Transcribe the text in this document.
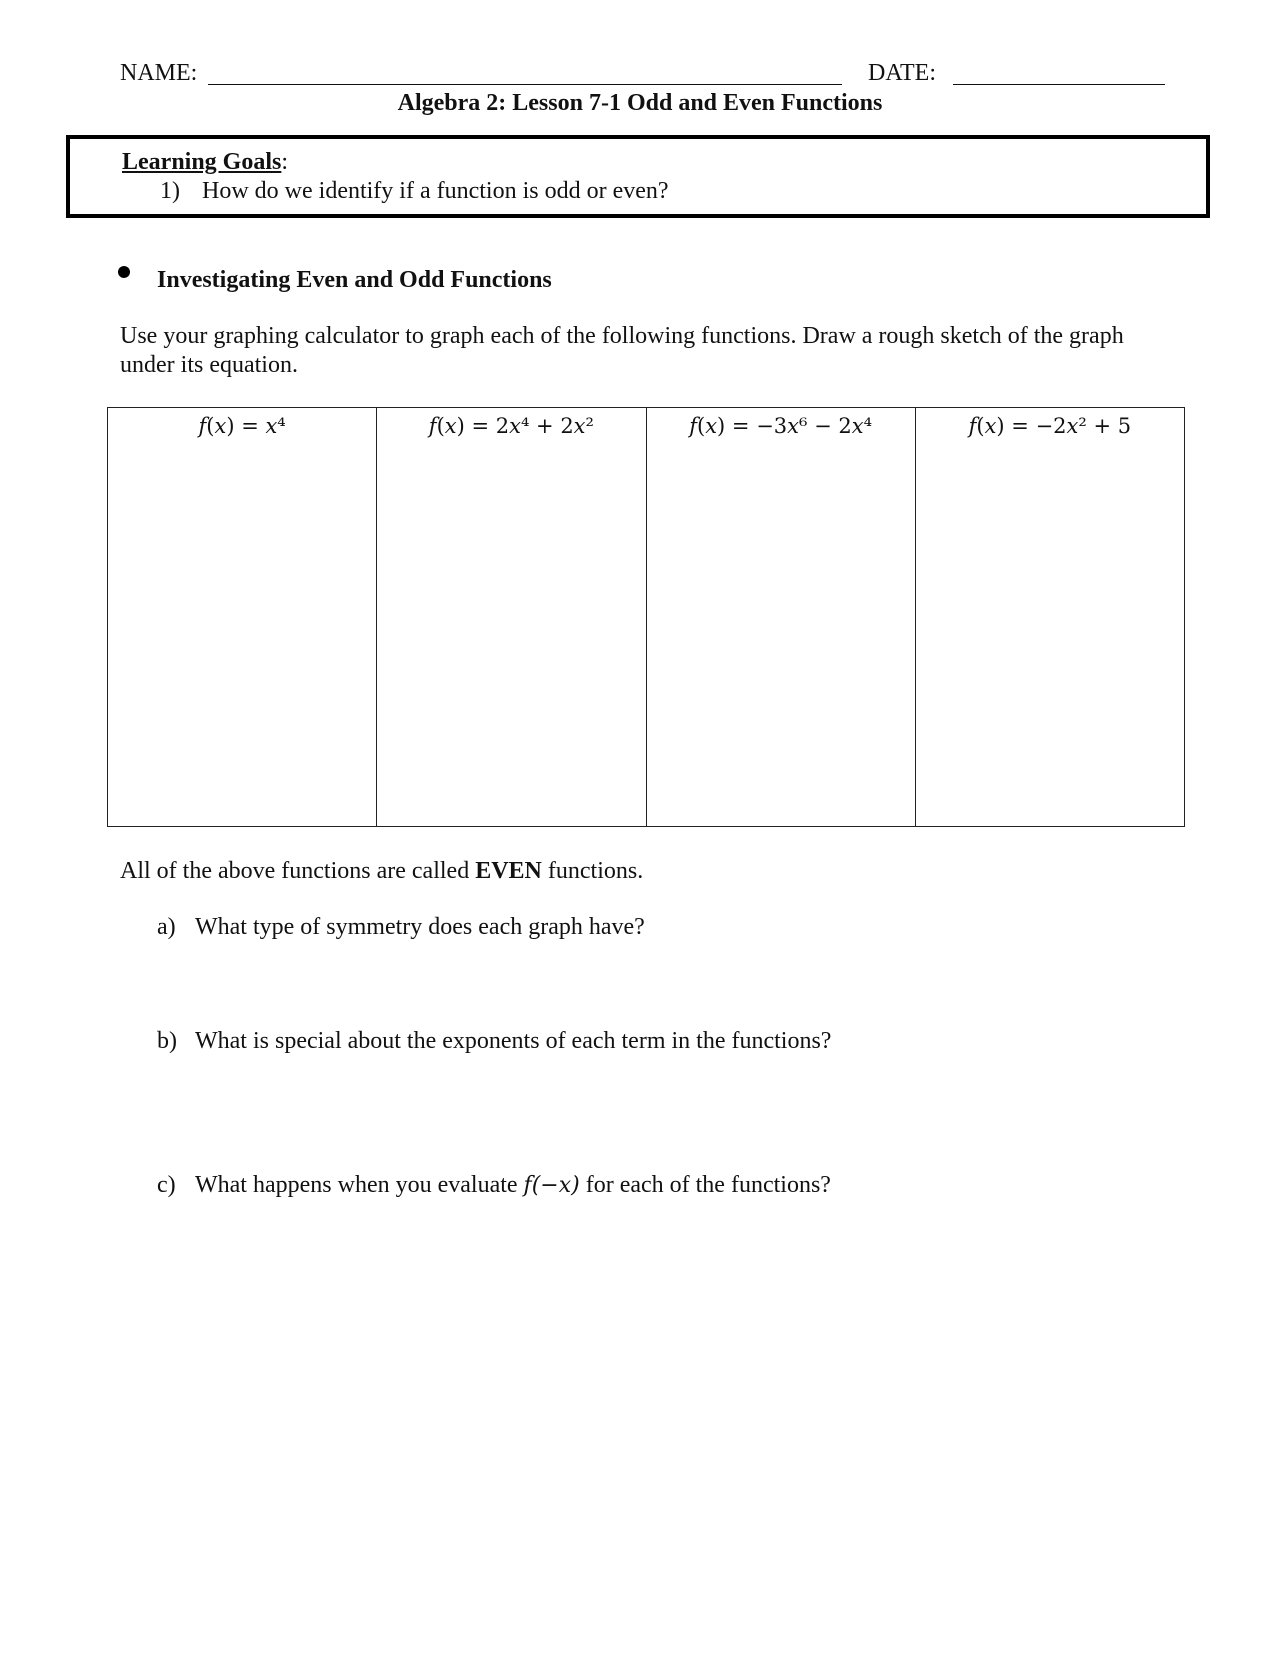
NAME:	DATE:
Algebra 2: Lesson 7-1 Odd and Even Functions
Learning Goals:
1) How do we identify if a function is odd or even?
Investigating Even and Odd Functions
Use your graphing calculator to graph each of the following functions. Draw a rough sketch of the graph under its equation.
𝑓(𝑥) = 𝑥⁴	𝑓(𝑥) = 2𝑥⁴ + 2𝑥²	𝑓(𝑥) = −3𝑥⁶ − 2𝑥⁴	𝑓(𝑥) = −2𝑥² + 5
All of the above functions are called EVEN functions.
a) What type of symmetry does each graph have?
b) What is special about the exponents of each term in the functions?
c) What happens when you evaluate 𝑓(−𝑥) for each of the functions?
